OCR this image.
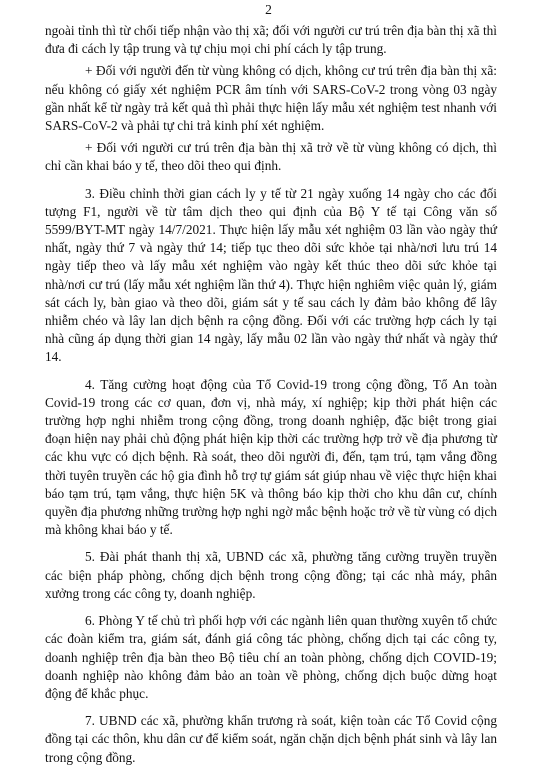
2

ngoài tỉnh thì từ chối tiếp nhận vào thị xã; đối với người cư trú trên địa bàn thị xã thì đưa đi cách ly tập trung và tự chịu mọi chi phí cách ly tập trung.

+ Đối với người đến từ vùng không có dịch, không cư trú trên địa bàn thị xã: nếu không có giấy xét nghiệm PCR âm tính với SARS-CoV-2 trong vòng 03 ngày gần nhất kể từ ngày trả kết quả thì phải thực hiện lấy mẫu xét nghiệm test nhanh với SARS-CoV-2 và phải tự chi trả kinh phí xét nghiệm.

+ Đối với người cư trú trên địa bàn thị xã trở về từ vùng không có dịch, thì chỉ cần khai báo y tế, theo dõi theo qui định.

3. Điều chỉnh thời gian cách ly y tế từ 21 ngày xuống 14 ngày cho các đối tượng F1, người về từ tâm dịch theo qui định của Bộ Y tế tại Công văn số 5599/BYT-MT ngày 14/7/2021. Thực hiện lấy mẫu xét nghiệm 03 lần vào ngày thứ nhất, ngày thứ 7 và ngày thứ 14; tiếp tục theo dõi sức khỏe tại nhà/nơi lưu trú 14 ngày tiếp theo và lấy mẫu xét nghiệm vào ngày kết thúc theo dõi sức khỏe tại nhà/nơi cư trú (lấy mẫu xét nghiệm lần thứ 4). Thực hiện nghiêm việc quản lý, giám sát cách ly, bàn giao và theo dõi, giám sát y tế sau cách ly đảm bảo không để lây nhiễm chéo và lây lan dịch bệnh ra cộng đồng. Đối với các trường hợp cách ly tại nhà cũng áp dụng thời gian 14 ngày, lấy mẫu 02 lần vào ngày thứ nhất và ngày thứ 14.

4. Tăng cường hoạt động của Tổ Covid-19 trong cộng đồng, Tổ An toàn Covid-19 trong các cơ quan, đơn vị, nhà máy, xí nghiệp; kịp thời phát hiện các trường hợp nghi nhiễm trong cộng đồng, trong doanh nghiệp, đặc biệt trong giai đoạn hiện nay phải chủ động phát hiện kịp thời các trường hợp trở về địa phương từ các khu vực có dịch bệnh. Rà soát, theo dõi người đi, đến, tạm trú, tạm vắng đồng thời tuyên truyền các hộ gia đình hỗ trợ tự giám sát giúp nhau về việc thực hiện khai báo tạm trú, tạm vắng, thực hiện 5K và thông báo kịp thời cho khu dân cư, chính quyền địa phương những trường hợp nghi ngờ mắc bệnh hoặc trở về từ vùng có dịch mà không khai báo y tế.

5. Đài phát thanh thị xã, UBND các xã, phường tăng cường truyền truyền các biện pháp phòng, chống dịch bệnh trong cộng đồng; tại các nhà máy, phân xưởng trong các công ty, doanh nghiệp.

6. Phòng Y tế chủ trì phối hợp với các ngành liên quan thường xuyên tổ chức các đoàn kiểm tra, giám sát, đánh giá công tác phòng, chống dịch tại các công ty, doanh nghiệp trên địa bàn theo Bộ tiêu chí an toàn phòng, chống dịch COVID-19; doanh nghiệp nào không đảm bảo an toàn về phòng, chống dịch buộc dừng hoạt động để khắc phục.

7. UBND các xã, phường khẩn trương rà soát, kiện toàn các Tổ Covid cộng đồng tại các thôn, khu dân cư để kiểm soát, ngăn chặn dịch bệnh phát sinh và lây lan trong cộng đồng.
